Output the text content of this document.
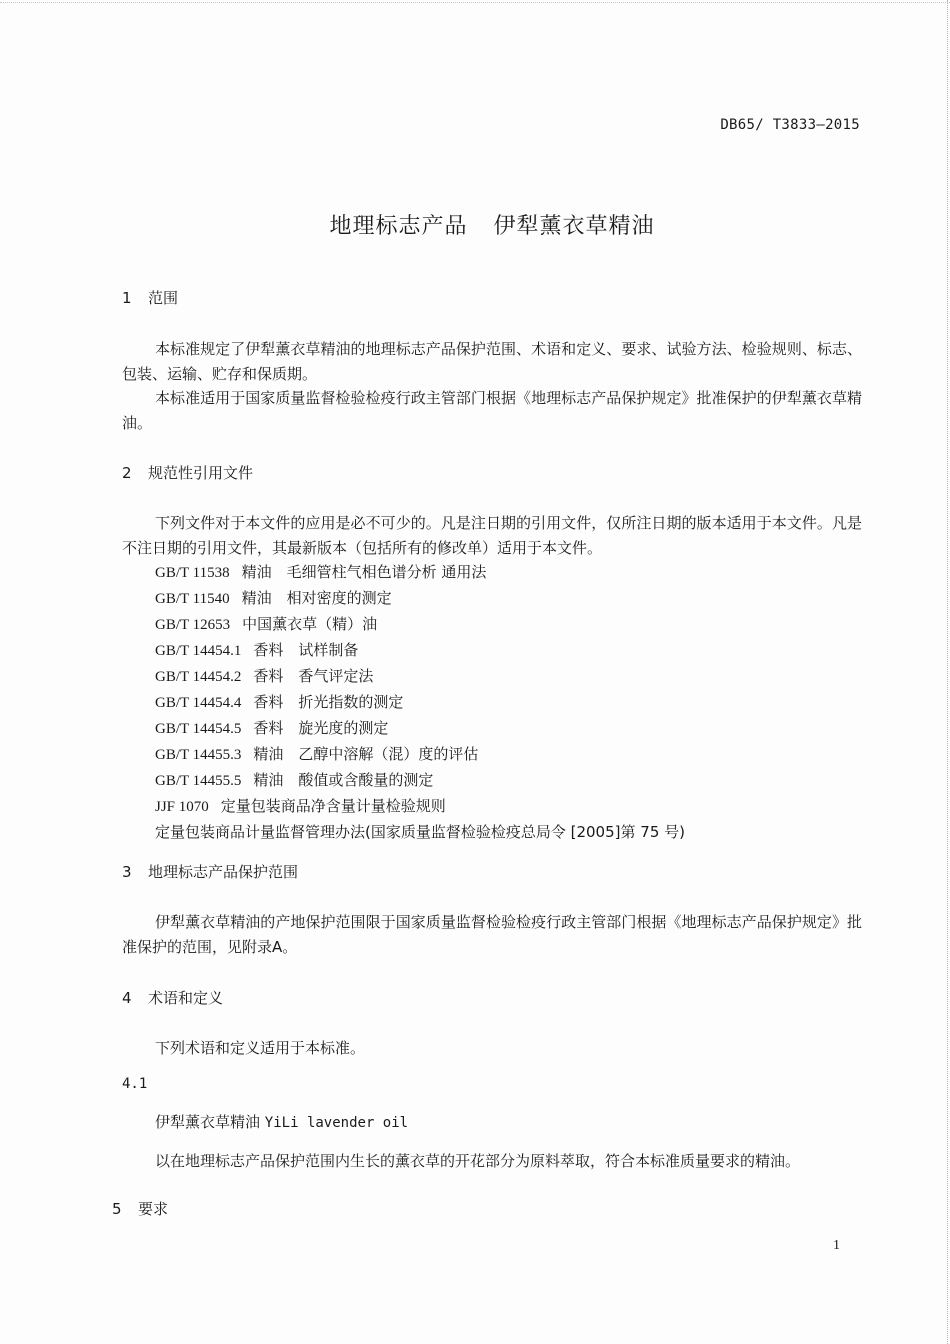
DB65/ T3833—2015
地理标志产品 伊犁薰衣草精油
1 范围
本标准规定了伊犁薰衣草精油的地理标志产品保护范围、术语和定义、要求、试验方法、检验规则、标志、包装、运输、贮存和保质期。
本标准适用于国家质量监督检验检疫行政主管部门根据《地理标志产品保护规定》批准保护的伊犁薰衣草精油。
2 规范性引用文件
下列文件对于本文件的应用是必不可少的。凡是注日期的引用文件，仅所注日期的版本适用于本文件。凡是不注日期的引用文件，其最新版本（包括所有的修改单）适用于本文件。
GB/T 11538 精油　毛细管柱气相色谱分析 通用法
GB/T 11540 精油　相对密度的测定
GB/T 12653 中国薰衣草（精）油
GB/T 14454.1 香料　试样制备
GB/T 14454.2 香料　香气评定法
GB/T 14454.4 香料　折光指数的测定
GB/T 14454.5 香料　旋光度的测定
GB/T 14455.3 精油　乙醇中溶解（混）度的评估
GB/T 14455.5 精油　酸值或含酸量的测定
JJF 1070 定量包装商品净含量计量检验规则
定量包装商品计量监督管理办法(国家质量监督检验检疫总局令 [2005]第 75 号)
3 地理标志产品保护范围
伊犁薰衣草精油的产地保护范围限于国家质量监督检验检疫行政主管部门根据《地理标志产品保护规定》批准保护的范围，见附录A。
4 术语和定义
下列术语和定义适用于本标准。
4.1
伊犁薰衣草精油 YiLi lavender oil
以在地理标志产品保护范围内生长的薰衣草的开花部分为原料萃取，符合本标准质量要求的精油。
5 要求
1
